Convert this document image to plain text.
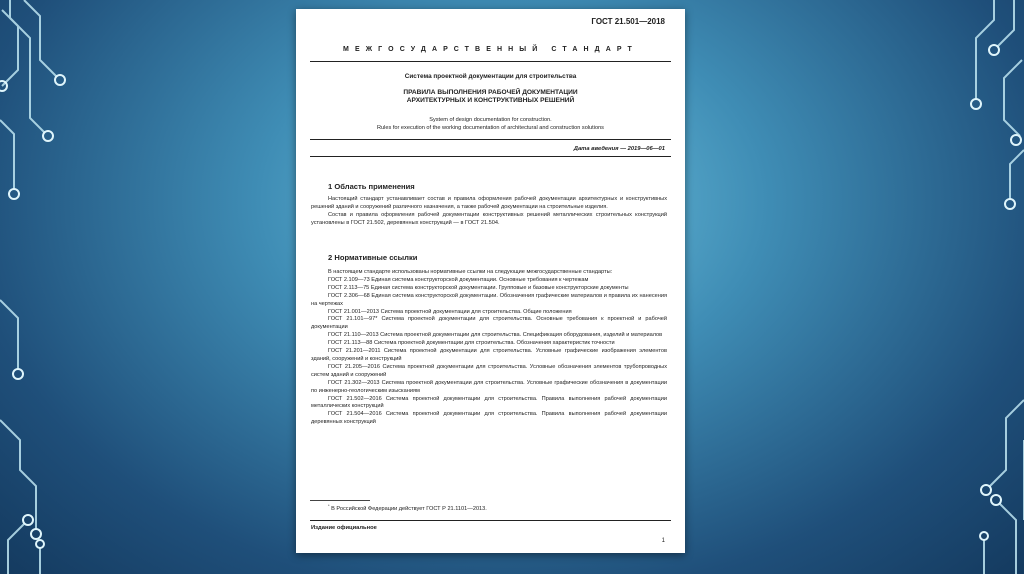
ГОСТ 21.501—2018
МЕЖГОСУДАРСТВЕННЫЙ СТАНДАРТ
Система проектной документации для строительства
ПРАВИЛА ВЫПОЛНЕНИЯ РАБОЧЕЙ ДОКУМЕНТАЦИИ
АРХИТЕКТУРНЫХ И КОНСТРУКТИВНЫХ РЕШЕНИЙ
System of design documentation for construction.
Rules for execution of the working documentation of architectural and construction solutions
Дата введения — 2019—06—01
1 Область применения

Настоящий стандарт устанавливает состав и правила оформления рабочей документации архитектурных и конструктивных решений зданий и сооружений различного назначения, а также рабочей документации на строительные изделия.

Состав и правила оформления рабочей документации конструктивных решений металлических строительных конструкций установлены в ГОСТ 21.502, деревянных конструкций — в ГОСТ 21.504.

2 Нормативные ссылки

В настоящем стандарте использованы нормативные ссылки на следующие межгосударственные стандарты:

ГОСТ 2.109—73 Единая система конструкторской документации. Основные требования к чертежам

ГОСТ 2.113—75 Единая система конструкторской документации. Групповые и базовые конструкторские документы

ГОСТ 2.306—68 Единая система конструкторской документации. Обозначения графические материалов и правила их нанесения на чертежах

ГОСТ 21.001—2013 Система проектной документации для строительства. Общие положения

ГОСТ 21.101—97* Система проектной документации для строительства. Основные требования к проектной и рабочей документации

ГОСТ 21.110—2013 Система проектной документации для строительства. Спецификация оборудования, изделий и материалов

ГОСТ 21.113—88 Система проектной документации для строительства. Обозначения характеристик точности

ГОСТ 21.201—2011 Система проектной документации для строительства. Условные графические изображения элементов зданий, сооружений и конструкций

ГОСТ 21.205—2016 Система проектной документации для строительства. Условные обозначения элементов трубопроводных систем зданий и сооружений

ГОСТ 21.302—2013 Система проектной документации для строительства. Условные графические обозначения в документации по инженерно-геологическим изысканиям

ГОСТ 21.502—2016 Система проектной документации для строительства. Правила выполнения рабочей документации металлических конструкций

ГОСТ 21.504—2016 Система проектной документации для строительства. Правила выполнения рабочей документации деревянных конструкций

* В Российской Федерации действует ГОСТ Р 21.1101—2013.
Издание официальное
1
